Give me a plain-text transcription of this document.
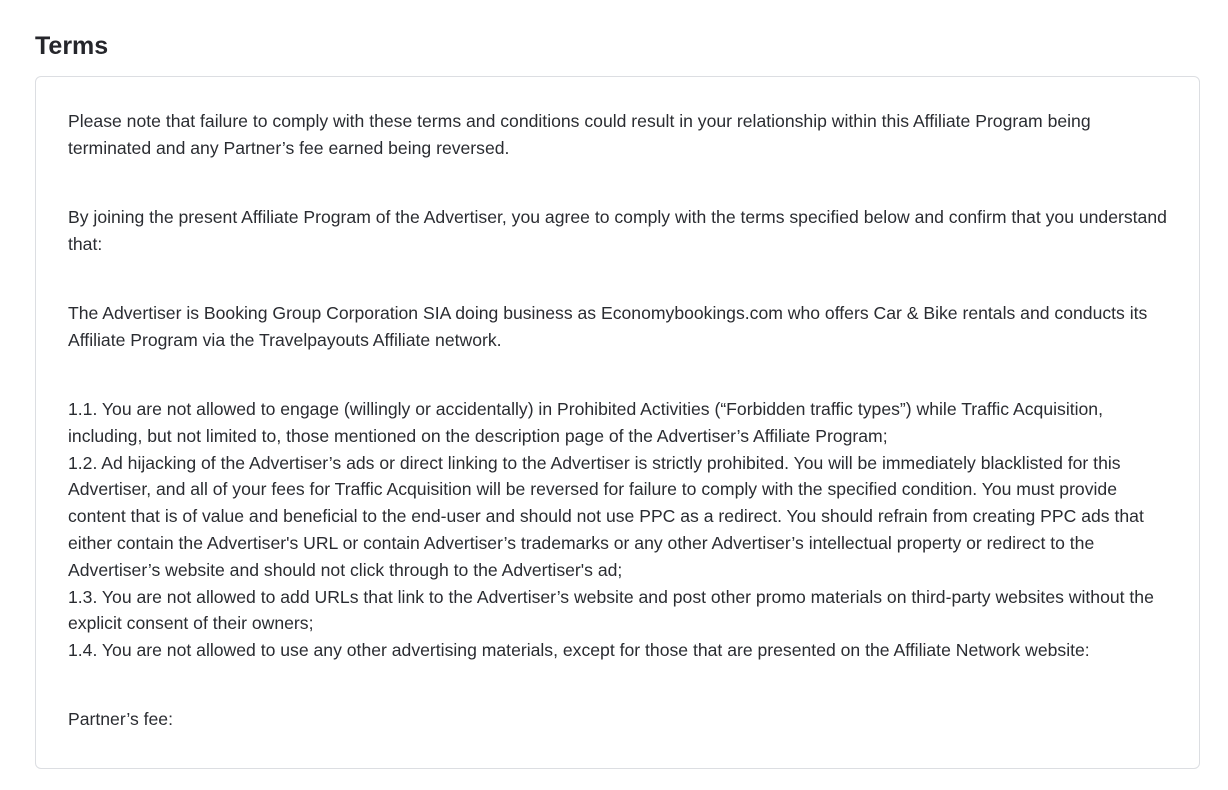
Terms

Please note that failure to comply with these terms and conditions could result in your relationship within this Affiliate Program being terminated and any Partner’s fee earned being reversed.

By joining the present Affiliate Program of the Advertiser, you agree to comply with the terms specified below and confirm that you understand that:

The Advertiser is Booking Group Corporation SIA doing business as Economybookings.com who offers Car & Bike rentals and conducts its Affiliate Program via the Travelpayouts Affiliate network.

1.1. You are not allowed to engage (willingly or accidentally) in Prohibited Activities (“Forbidden traffic types”) while Traffic Acquisition, including, but not limited to, those mentioned on the description page of the Advertiser’s Affiliate Program;

1.2. Ad hijacking of the Advertiser’s ads or direct linking to the Advertiser is strictly prohibited. You will be immediately blacklisted for this Advertiser, and all of your fees for Traffic Acquisition will be reversed for failure to comply with the specified condition. You must provide content that is of value and beneficial to the end-user and should not use PPC as a redirect. You should refrain from creating PPC ads that either contain the Advertiser's URL or contain Advertiser’s trademarks or any other Advertiser’s intellectual property or redirect to the Advertiser’s website and should not click through to the Advertiser's ad;

1.3. You are not allowed to add URLs that link to the Advertiser’s website and post other promo materials on third-party websites without the explicit consent of their owners;

1.4. You are not allowed to use any other advertising materials, except for those that are presented on the Affiliate Network website:

Partner’s fee:
